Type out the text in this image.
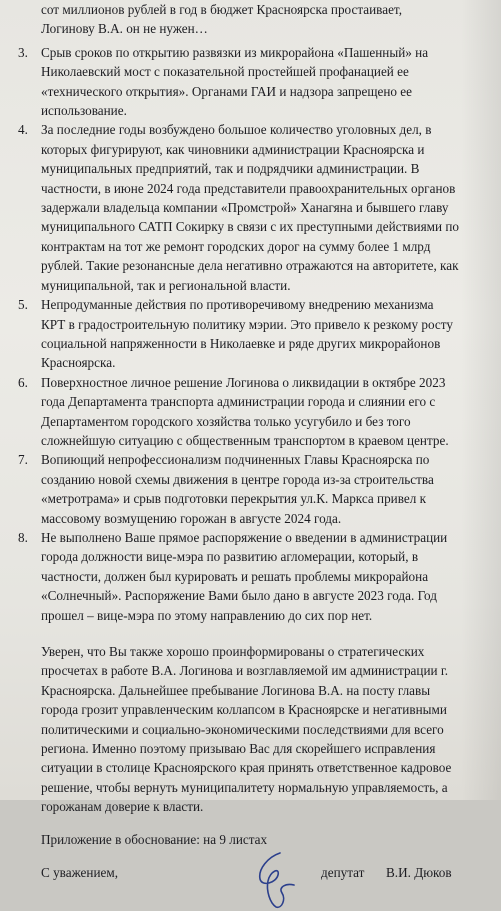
сот миллионов рублей в год в бюджет Красноярска простаивает,
Логинову В.А. он не нужен…
3. Срыв сроков по открытию развязки из микрорайона «Пашенный» на
Николаевский мост с показательной простейшей профанацией ее
«технического открытия». Органами ГАИ и надзора запрещено ее
использование.
4. За последние годы возбуждено большое количество уголовных дел, в
которых фигурируют, как чиновники администрации Красноярска и
муниципальных предприятий, так и подрядчики администрации. В
частности, в июне 2024 года представители правоохранительных органов
задержали владельца компании «Промстрой» Ханагяна и бывшего главу
муниципального САТП Сокирку в связи с их преступными действиями по
контрактам на тот же ремонт городских дорог на сумму более 1 млрд
рублей. Такие резонансные дела негативно отражаются на авторитете, как
муниципальной, так и региональной власти.
5. Непродуманные действия по противоречивому внедрению механизма
КРТ в градостроительную политику мэрии. Это привело к резкому росту
социальной напряженности в Николаевке и ряде других микрорайонов
Красноярска.
6. Поверхностное личное решение Логинова о ликвидации в октябре 2023
года Департамента транспорта администрации города и слиянии его с
Департаментом городского хозяйства только усугубило и без того
сложнейшую ситуацию с общественным транспортом в краевом центре.
7. Вопиющий непрофессионализм подчиненных Главы Красноярска по
созданию новой схемы движения в центре города из-за строительства
«метротрама» и срыв подготовки перекрытия ул.К. Маркса привел к
массовому возмущению горожан в августе 2024 года.
8. Не выполнено Ваше прямое распоряжение о введении в администрации
города должности вице-мэра по развитию агломерации, который, в
частности, должен был курировать и решать проблемы микрорайона
«Солнечный». Распоряжение Вами было дано в августе 2023 года. Год
прошел – вице-мэра по этому направлению до сих пор нет.
Уверен, что Вы также хорошо проинформированы о стратегических
просчетах в работе В.А. Логинова и возглавляемой им администрации г.
Красноярска. Дальнейшее пребывание Логинова В.А. на посту главы
города грозит управленческим коллапсом в Красноярске и негативными
политическими и социально-экономическими последствиями для всего
региона. Именно поэтому призываю Вас для скорейшего исправления
ситуации в столице Красноярского края принять ответственное кадровое
решение, чтобы вернуть муниципалитету нормальную управляемость, а
горожанам доверие к власти.
Приложение в обоснование: на 9 листах
С уважением,	депутат В.И. Дюков
